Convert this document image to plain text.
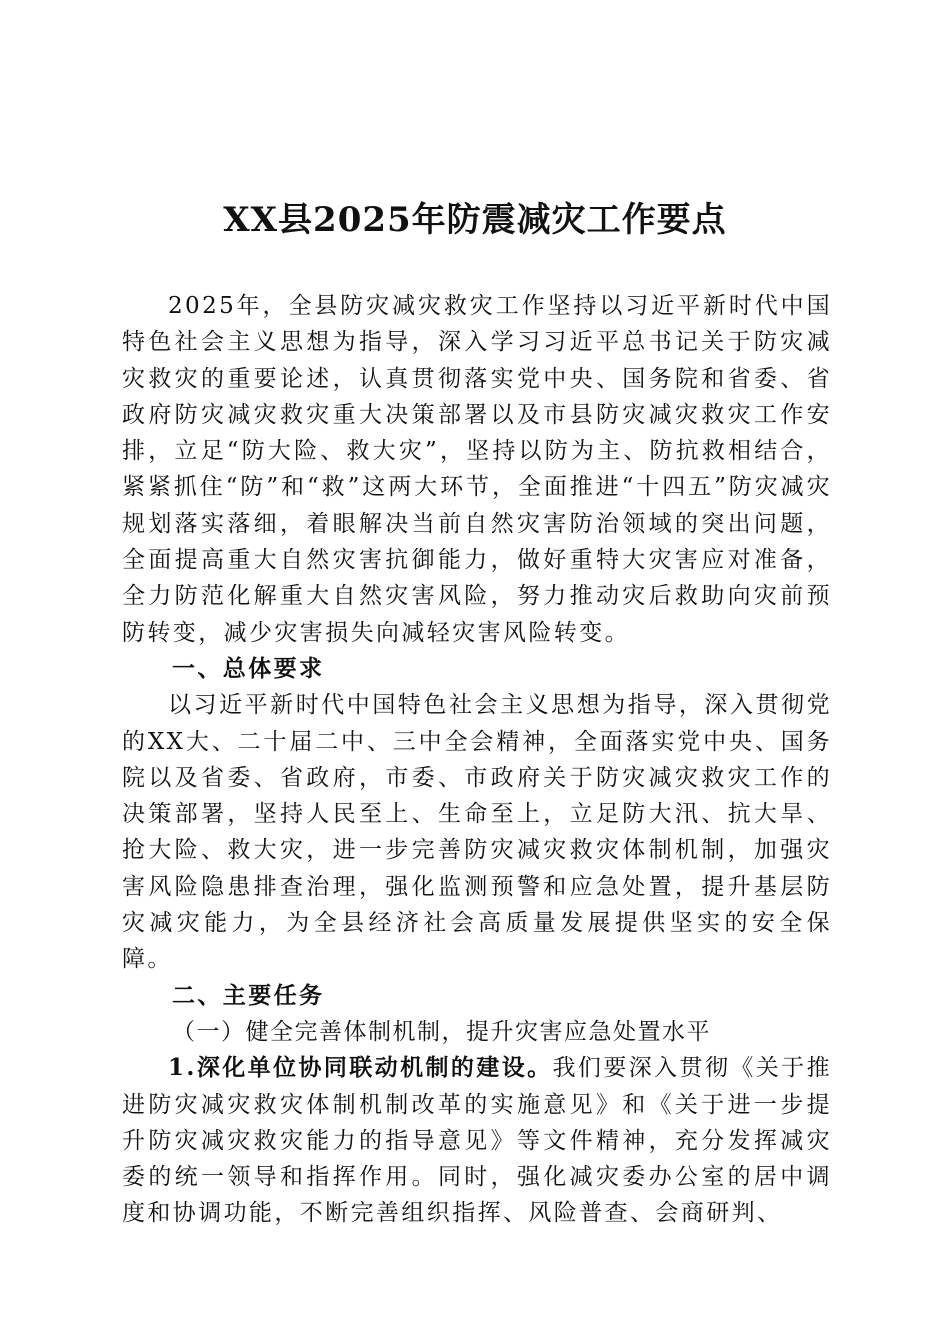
XX县2025年防震减灾工作要点

2025年，全县防灾减灾救灾工作坚持以习近平新时代中国特色社会主义思想为指导，深入学习习近平总书记关于防灾减灾救灾的重要论述，认真贯彻落实党中央、国务院和省委、省政府防灾减灾救灾重大决策部署以及市县防灾减灾救灾工作安排，立足“防大险、救大灾”，坚持以防为主、防抗救相结合，紧紧抓住“防”和“救”这两大环节，全面推进“十四五”防灾减灾规划落实落细，着眼解决当前自然灾害防治领域的突出问题，全面提高重大自然灾害抗御能力，做好重特大灾害应对准备，全力防范化解重大自然灾害风险，努力推动灾后救助向灾前预防转变，减少灾害损失向减轻灾害风险转变。

一、总体要求

以习近平新时代中国特色社会主义思想为指导，深入贯彻党的XX大、二十届二中、三中全会精神，全面落实党中央、国务院以及省委、省政府，市委、市政府关于防灾减灾救灾工作的决策部署，坚持人民至上、生命至上，立足防大汛、抗大旱、抢大险、救大灾，进一步完善防灾减灾救灾体制机制，加强灾害风险隐患排查治理，强化监测预警和应急处置，提升基层防灾减灾能力，为全县经济社会高质量发展提供坚实的安全保障。

二、主要任务

（一）健全完善体制机制，提升灾害应急处置水平

1.深化单位协同联动机制的建设。我们要深入贯彻《关于推进防灾减灾救灾体制机制改革的实施意见》和《关于进一步提升防灾减灾救灾能力的指导意见》等文件精神，充分发挥减灾委的统一领导和指挥作用。同时，强化减灾委办公室的居中调度和协调功能，不断完善组织指挥、风险普查、会商研判、
